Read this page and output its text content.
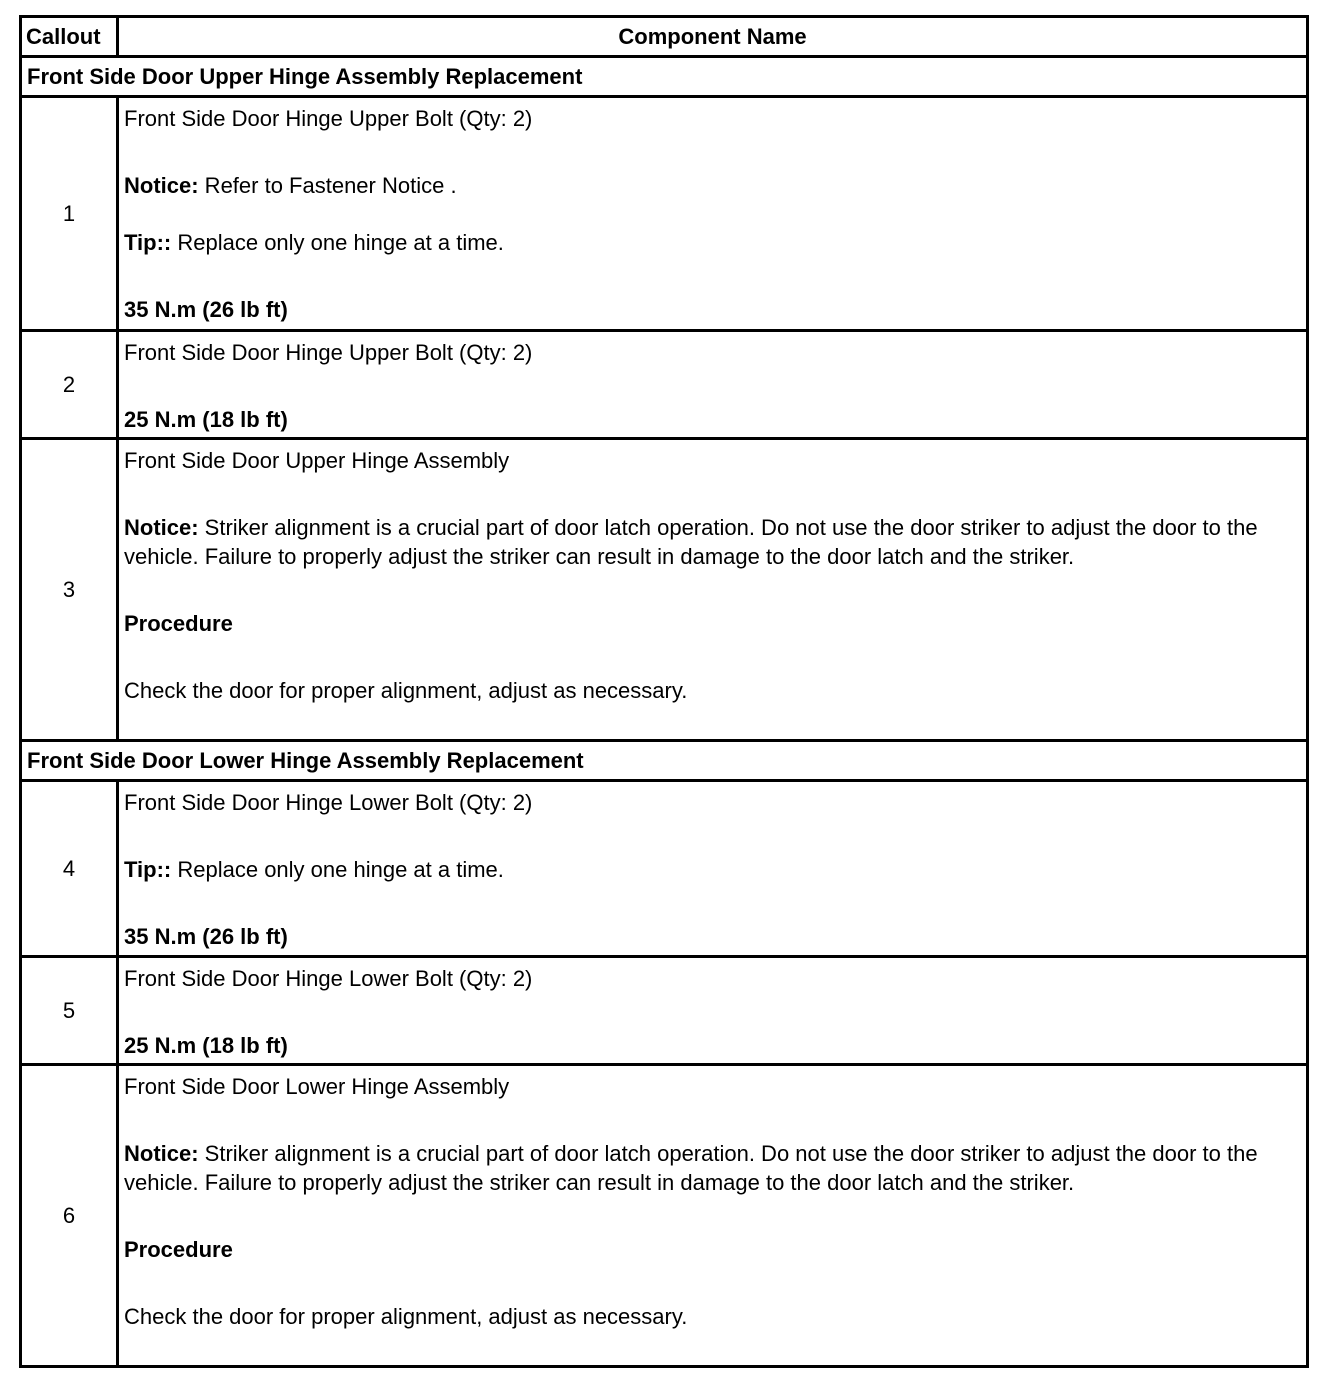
Callout	Component Name
Front Side Door Upper Hinge Assembly Replacement	
1	Front Side Door Hinge Upper Bolt (Qty: 2)
Notice: Refer to Fastener Notice .
Tip:: Replace only one hinge at a time.
35 N.m (26 lb ft)

2	Front Side Door Hinge Upper Bolt (Qty: 2)
25 N.m (18 lb ft)

3	Front Side Door Upper Hinge Assembly
Notice: Striker alignment is a crucial part of door latch operation. Do not use the door striker to adjust the door to the vehicle. Failure to properly adjust the striker can result in damage to the door latch and the striker.
Procedure
Check the door for proper alignment, adjust as necessary.

Front Side Door Lower Hinge Assembly Replacement	
4	Front Side Door Hinge Lower Bolt (Qty: 2)
Tip:: Replace only one hinge at a time.
35 N.m (26 lb ft)

5	Front Side Door Hinge Lower Bolt (Qty: 2)
25 N.m (18 lb ft)

6	Front Side Door Lower Hinge Assembly
Notice: Striker alignment is a crucial part of door latch operation. Do not use the door striker to adjust the door to the vehicle. Failure to properly adjust the striker can result in damage to the door latch and the striker.
Procedure
Check the door for proper alignment, adjust as necessary.
